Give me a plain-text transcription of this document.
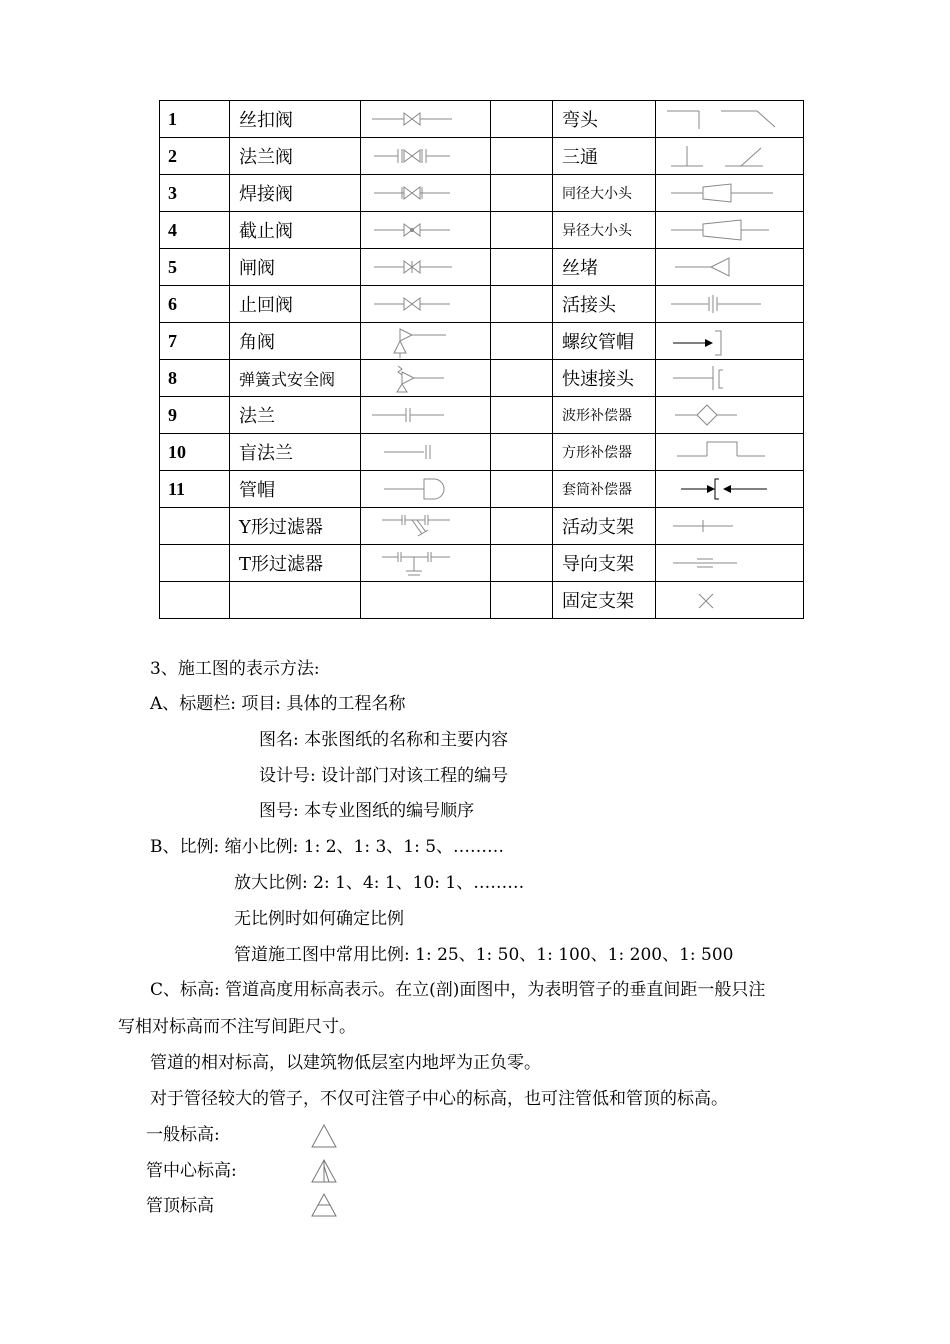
1	丝扣阀			弯头	

2	法兰阀			三通	

3	焊接阀			同径大小头	

4	截止阀			异径大小头	

5	闸阀			丝堵	

6	止回阀			活接头	

7	角阀			螺纹管帽	

8	弹簧式安全阀			快速接头	

9	法兰			波形补偿器	

10	盲法兰			方形补偿器	

11	管帽			套筒补偿器	

	Y形过滤器			活动支架	

	T形过滤器			导向支架	

				固定支架	
3、施工图的表示方法:
A、标题栏: 项目: 具体的工程名称
图名: 本张图纸的名称和主要内容
设计号: 设计部门对该工程的编号
图号: 本专业图纸的编号顺序
B、比例: 缩小比例: 1: 2、1: 3、1: 5、………
放大比例: 2: 1、4: 1、10: 1、………
无比例时如何确定比例
管道施工图中常用比例: 1: 25、1: 50、1: 100、1: 200、1: 500
C、标高: 管道高度用标高表示。在立(剖)面图中，为表明管子的垂直间距一般只注
写相对标高而不注写间距尺寸。
管道的相对标高，以建筑物低层室内地坪为正负零。
对于管径较大的管子，不仅可注管子中心的标高，也可注管低和管顶的标高。
一般标高:
管中心标高:
管顶标高
